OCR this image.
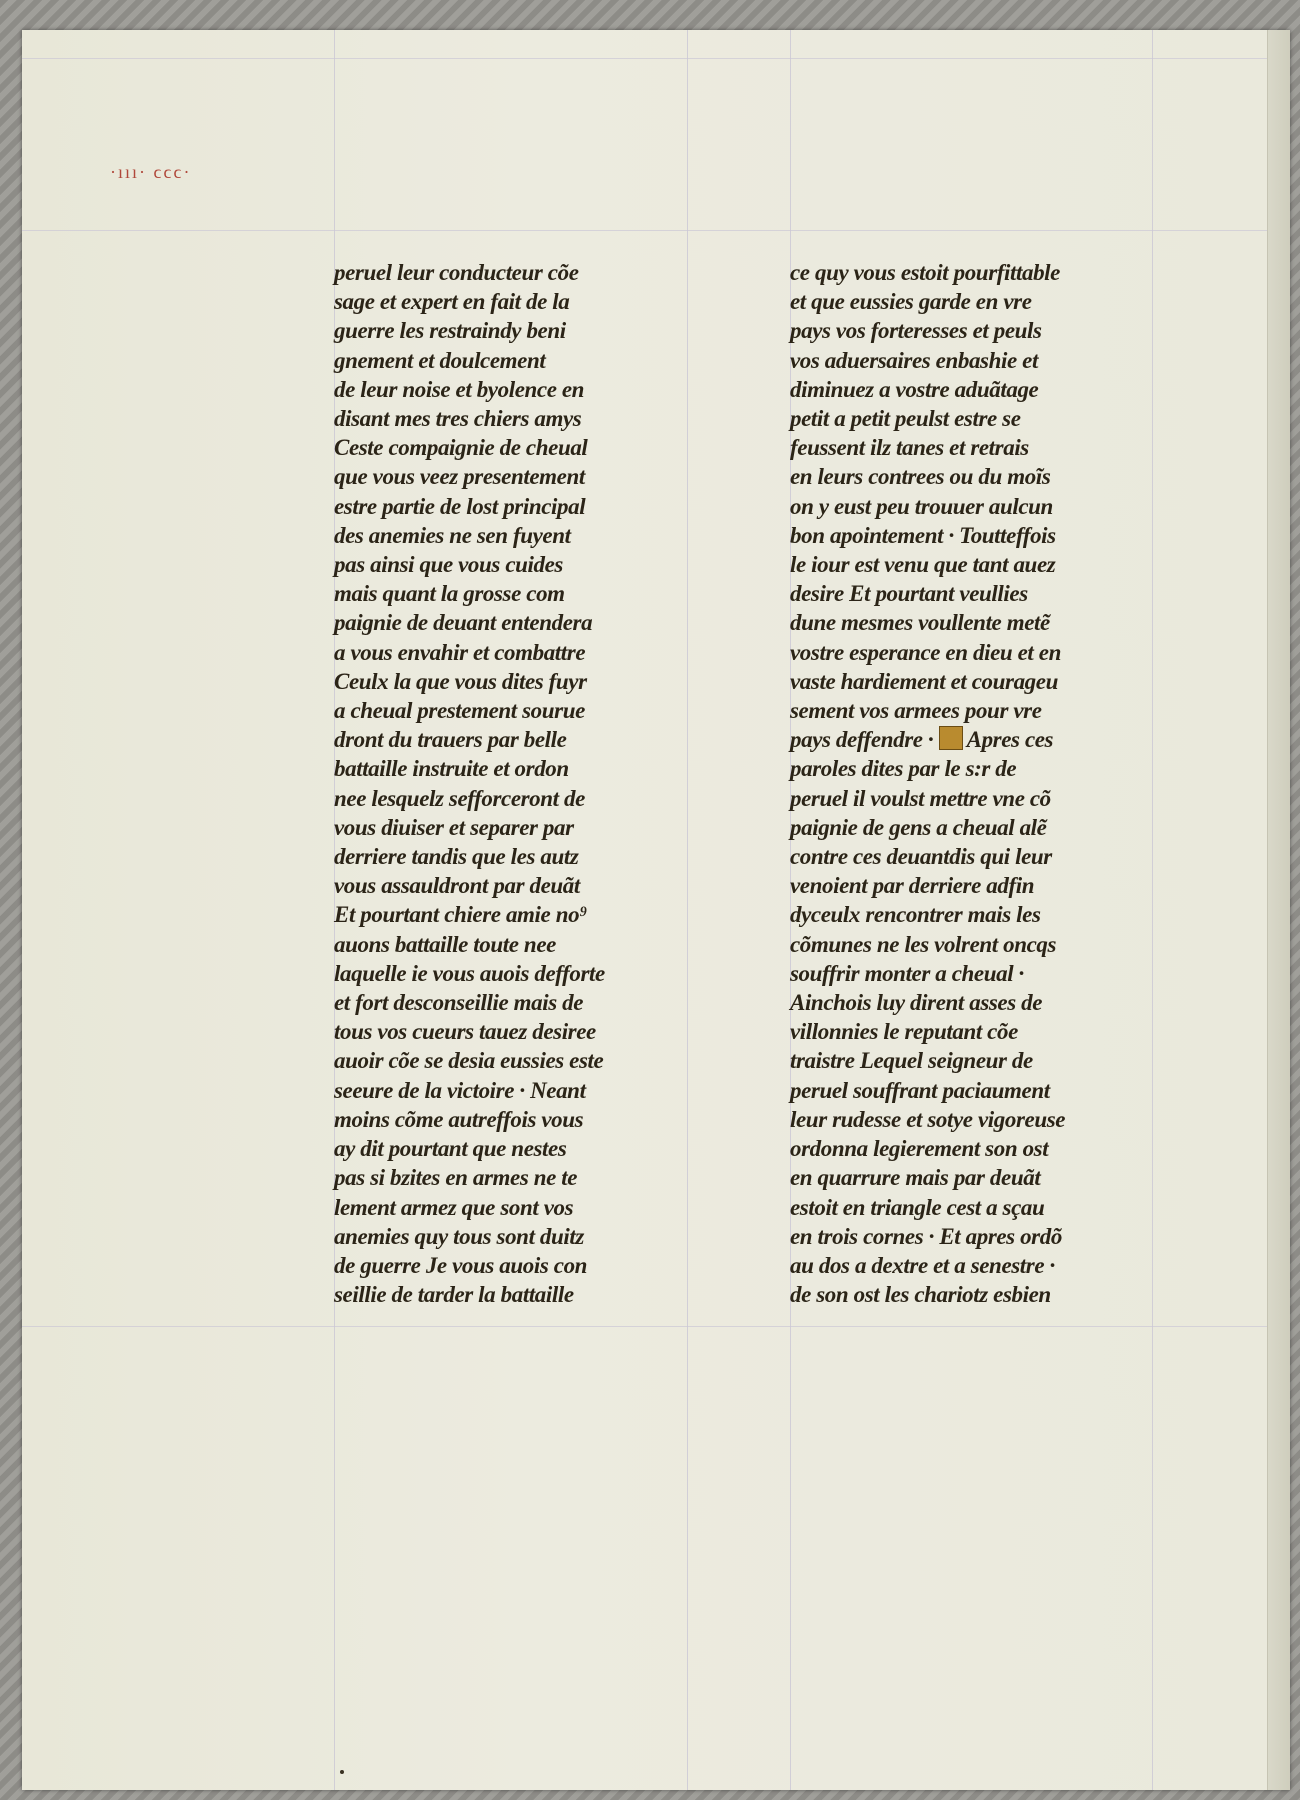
·ııı· ϲϲϲ·
peruel leur conducteur cõe
sage et expert en fait de la
guerre les restraindy beni
gnement et doulcement
de leur noise et byolence en
disant mes tres chiers amys
Ceste compaignie de cheual
que vous veez presentement
estre partie de lost principal
des anemies ne sen fuyent
pas ainsi que vous cuides
mais quant la grosse com
paignie de deuant entendera
a vous envahir et combattre
Ceulx la que vous dites fuyr
a cheual prestement sourue
dront du trauers par belle
battaille instruite et ordon
nee lesquelz sefforceront de
vous diuiser et separer par
derriere tandis que les autz
vous assauldront par deuãt
Et pourtant chiere amie no⁹
auons battaille toute nee
laquelle ie vous auois defforte
et fort desconseillie mais de
tous vos cueurs tauez desiree
auoir cõe se desia eussies este
seeure de la victoire · Neant
moins cõme autreffois vous
ay dit pourtant que nestes
pas si bzites en armes ne te
lement armez que sont vos
anemies quy tous sont duitz
de guerre Je vous auois con
seillie de tarder la battaille
ce quy vous estoit pourfittable
et que eussies garde en vre
pays vos forteresses et peuls
vos aduersaires enbashie et
diminuez a vostre aduãtage
petit a petit peulst estre se
feussent ilz tanes et retrais
en leurs contrees ou du moĩs
on y eust peu trouuer aulcun
bon apointement · Toutteffois
le iour est venu que tant auez
desire Et pourtant veullies
dune mesmes voullente metẽ
vostre esperance en dieu et en
vaste hardiement et courageu
sement vos armees pour vre
pays deffendre · Apres ces
paroles dites par le s:r de
peruel il voulst mettre vne cõ
paignie de gens a cheual alẽ
contre ces deuantdis qui leur
venoient par derriere adfin
dyceulx rencontrer mais les
cõmunes ne les volrent oncqs
souffrir monter a cheual ·
Ainchois luy dirent asses de
villonnies le reputant cõe
traistre Lequel seigneur de
peruel souffrant paciaument
leur rudesse et sotye vigoreuse
ordonna legierement son ost
en quarrure mais par deuãt
estoit en triangle cest a sçau
en trois cornes · Et apres ordõ
au dos a dextre et a senestre ·
de son ost les chariotz esbien
